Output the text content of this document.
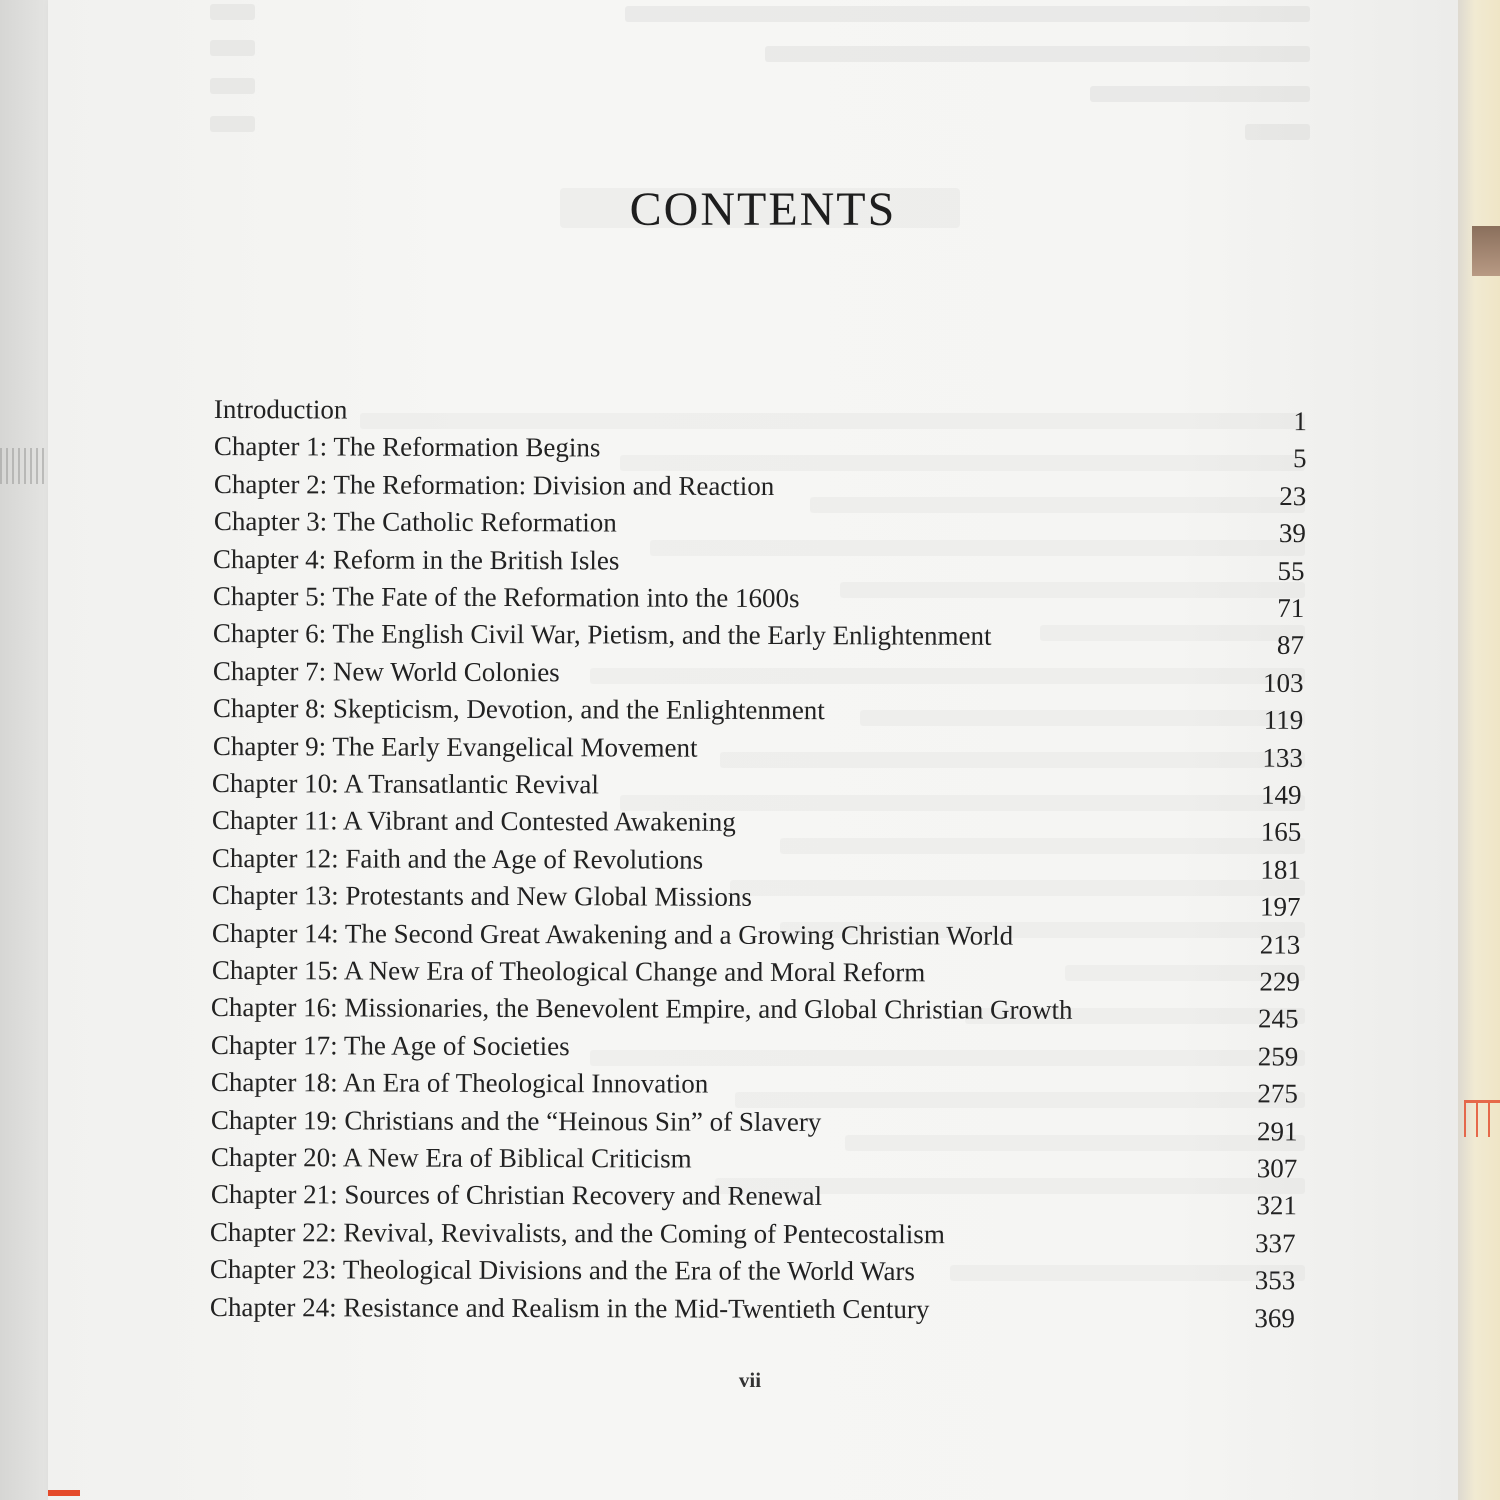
CONTENTS
Introduction	1
Chapter 1: The Reformation Begins	5
Chapter 2: The Reformation: Division and Reaction	23
Chapter 3: The Catholic Reformation	39
Chapter 4: Reform in the British Isles	55
Chapter 5: The Fate of the Reformation into the 1600s	71
Chapter 6: The English Civil War, Pietism, and the Early Enlightenment	87
Chapter 7: New World Colonies	103
Chapter 8: Skepticism, Devotion, and the Enlightenment	119
Chapter 9: The Early Evangelical Movement	133
Chapter 10: A Transatlantic Revival	149
Chapter 11: A Vibrant and Contested Awakening	165
Chapter 12: Faith and the Age of Revolutions	181
Chapter 13: Protestants and New Global Missions	197
Chapter 14: The Second Great Awakening and a Growing Christian World	213
Chapter 15: A New Era of Theological Change and Moral Reform	229
Chapter 16: Missionaries, the Benevolent Empire, and Global Christian Growth	245
Chapter 17: The Age of Societies	259
Chapter 18: An Era of Theological Innovation	275
Chapter 19: Christians and the “Heinous Sin” of Slavery	291
Chapter 20: A New Era of Biblical Criticism	307
Chapter 21: Sources of Christian Recovery and Renewal	321
Chapter 22: Revival, Revivalists, and the Coming of Pentecostalism	337
Chapter 23: Theological Divisions and the Era of the World Wars	353
Chapter 24: Resistance and Realism in the Mid-Twentieth Century	369
vii
